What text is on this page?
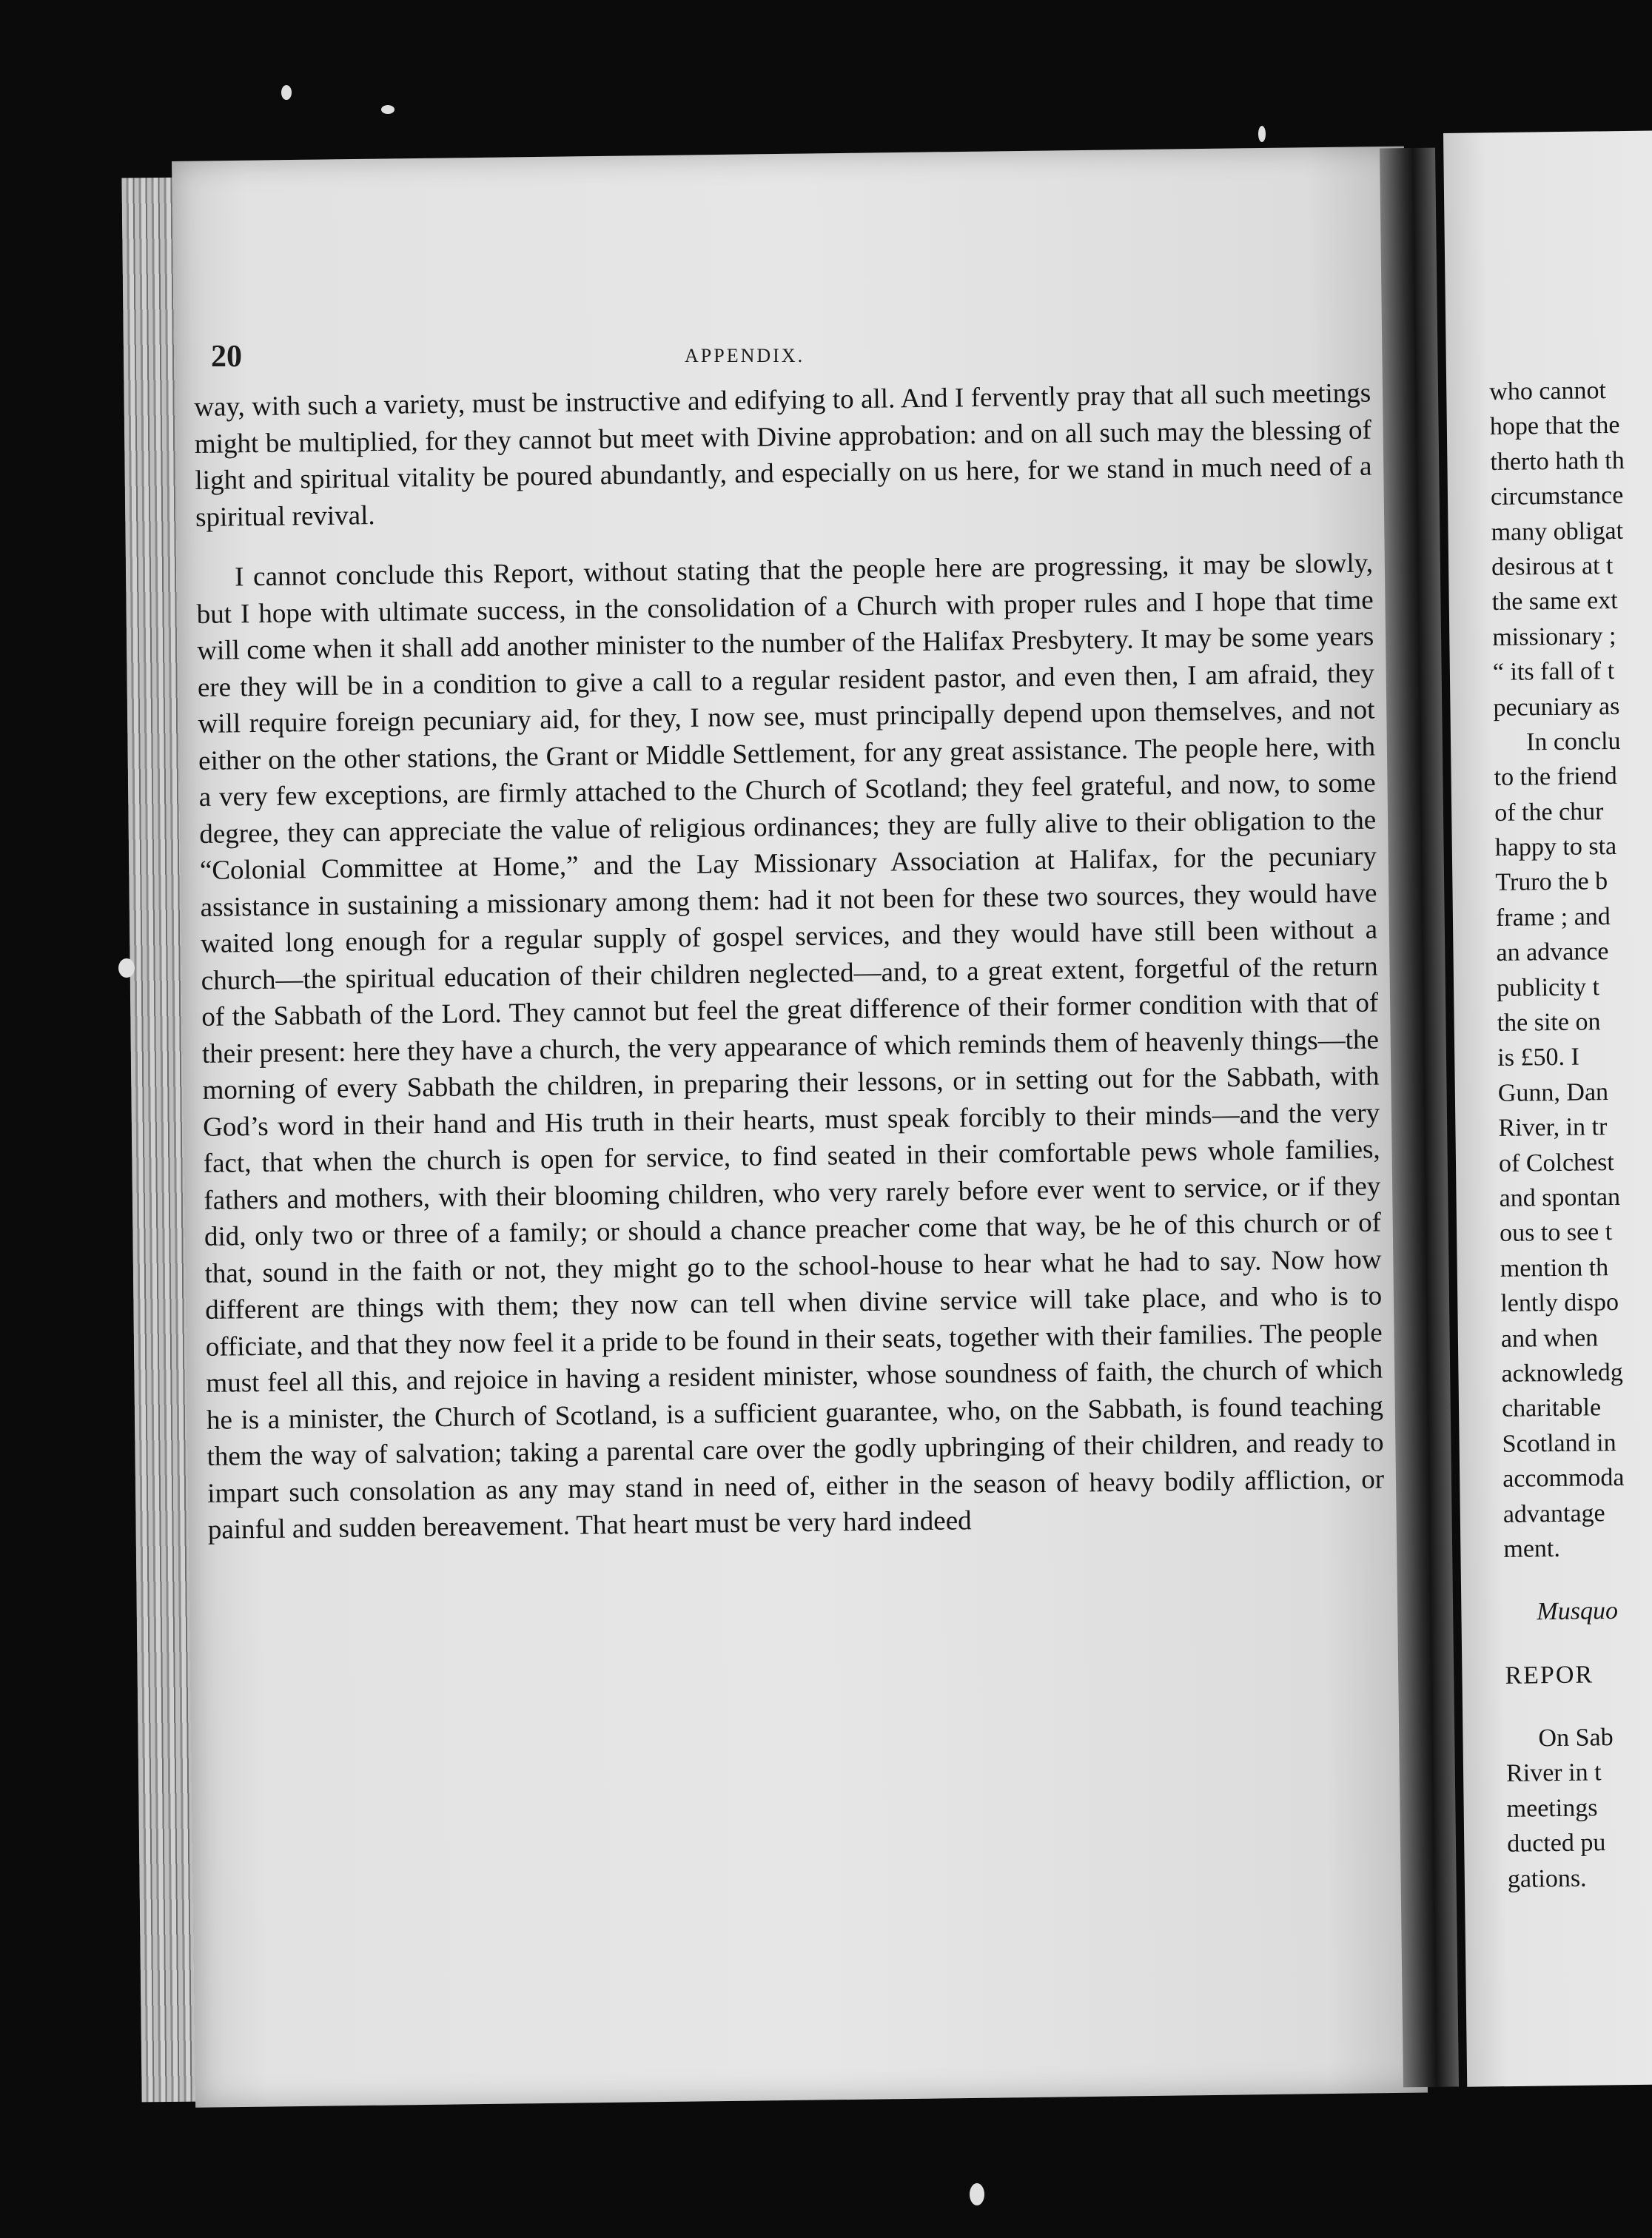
20	APPENDIX.

way, with such a variety, must be instructive and edifying to all. And I fervently pray that all such meetings might be multiplied, for they cannot but meet with Divine approbation: and on all such may the blessing of light and spiritual vitality be poured abundantly, and especially on us here, for we stand in much need of a spiritual revival.

I cannot conclude this Report, without stating that the people here are progressing, it may be slowly, but I hope with ultimate success, in the consolidation of a Church with proper rules and I hope that time will come when it shall add another minister to the number of the Halifax Presbytery. It may be some years ere they will be in a condition to give a call to a regular resident pastor, and even then, I am afraid, they will require foreign pecuniary aid, for they, I now see, must principally depend upon themselves, and not either on the other stations, the Grant or Middle Settlement, for any great assistance. The people here, with a very few exceptions, are firmly attached to the Church of Scotland; they feel grateful, and now, to some degree, they can appreciate the value of religious ordinances; they are fully alive to their obligation to the “Colonial Committee at Home,” and the Lay Missionary Association at Halifax, for the pecuniary assistance in sustaining a missionary among them: had it not been for these two sources, they would have waited long enough for a regular supply of gospel services, and they would have still been without a church—the spiritual education of their children neglected—and, to a great extent, forgetful of the return of the Sabbath of the Lord. They cannot but feel the great difference of their former condition with that of their present: here they have a church, the very appearance of which reminds them of heavenly things—the morning of every Sabbath the children, in preparing their lessons, or in setting out for the Sabbath, with God’s word in their hand and His truth in their hearts, must speak forcibly to their minds—and the very fact, that when the church is open for service, to find seated in their comfortable pews whole families, fathers and mothers, with their blooming children, who very rarely before ever went to service, or if they did, only two or three of a family; or should a chance preacher come that way, be he of this church or of that, sound in the faith or not, they might go to the school-house to hear what he had to say. Now how different are things with them; they now can tell when divine service will take place, and who is to officiate, and that they now feel it a pride to be found in their seats, together with their families. The people must feel all this, and rejoice in having a resident minister, whose soundness of faith, the church of which he is a minister, the Church of Scotland, is a sufficient guarantee, who, on the Sabbath, is found teaching them the way of salvation; taking a parental care over the godly upbringing of their children, and ready to impart such consolation as any may stand in need of, either in the season of heavy bodily affliction, or painful and sudden bereavement. That heart must be very hard indeed

who cannot
hope that the
therto hath th
circumstance
many obligat
desirous at t
the same ext
missionary ;
“ its fall of t
pecuniary as
In conclu
to the friend
of the chur
happy to sta
Truro the b
frame ; and
an advance
publicity t
the site on
is £50. I
Gunn, Dan
River, in tr
of Colchest
and spontan
ous to see t
mention th
lently dispo
and when
acknowledg
charitable
Scotland in
accommoda
advantage
ment.
Musquo
REPOR
On Sab
River in t
meetings
ducted pu
gations.
